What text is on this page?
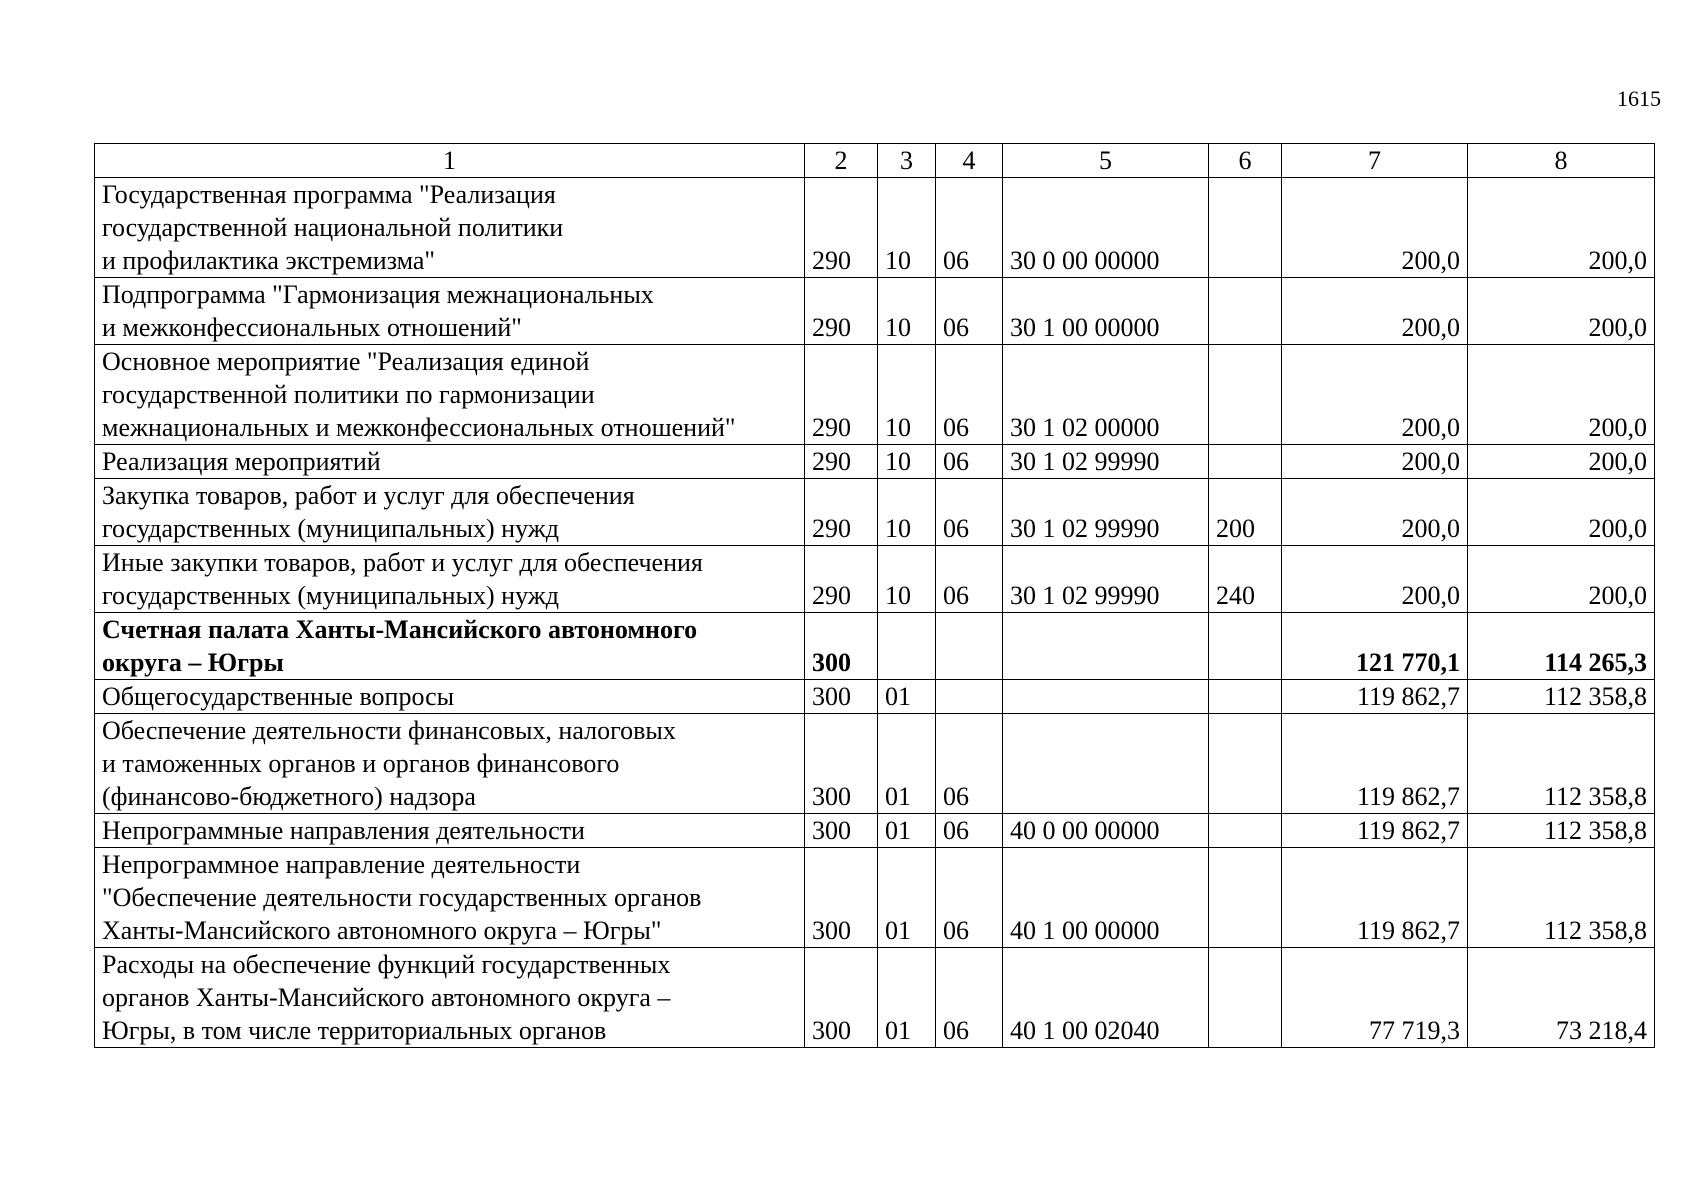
1615
1	2	3	4	5	6	7	8
Государственная программа "Реализация
государственной национальной политики
и профилактика экстремизма"	290	10	06	30 0 00 00000		200,0	200,0
Подпрограмма "Гармонизация межнациональных
и межконфессиональных отношений"	290	10	06	30 1 00 00000		200,0	200,0
Основное мероприятие "Реализация единой
государственной политики по гармонизации
межнациональных и межконфессиональных отношений"	290	10	06	30 1 02 00000		200,0	200,0
Реализация мероприятий	290	10	06	30 1 02 99990		200,0	200,0
Закупка товаров, работ и услуг для обеспечения
государственных (муниципальных) нужд	290	10	06	30 1 02 99990	200	200,0	200,0
Иные закупки товаров, работ и услуг для обеспечения
государственных (муниципальных) нужд	290	10	06	30 1 02 99990	240	200,0	200,0
Счетная палата Ханты-Мансийского автономного
округа – Югры	300					121 770,1	114 265,3
Общегосударственные вопросы	300	01				119 862,7	112 358,8
Обеспечение деятельности финансовых, налоговых
и таможенных органов и органов финансового
(финансово-бюджетного) надзора	300	01	06			119 862,7	112 358,8
Непрограммные направления деятельности	300	01	06	40 0 00 00000		119 862,7	112 358,8
Непрограммное направление деятельности
"Обеспечение деятельности государственных органов
Ханты-Мансийского автономного округа – Югры"	300	01	06	40 1 00 00000		119 862,7	112 358,8
Расходы на обеспечение функций государственных
органов Ханты-Мансийского автономного округа –
Югры, в том числе территориальных органов	300	01	06	40 1 00 02040		77 719,3	73 218,4
